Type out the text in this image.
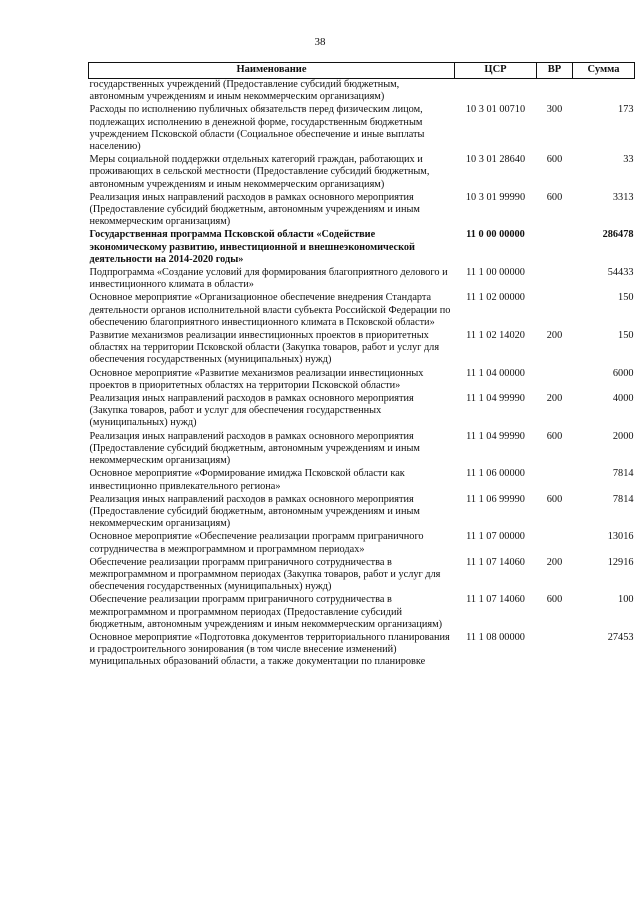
38
Наименование	ЦСР	ВР	Сумма
государственных учреждений (Предоставление субсидий бюджетным, автономным учреждениям и иным некоммерческим организациям)			
Расходы по исполнению публичных обязательств перед физическим лицом, подлежащих исполнению в денежной форме, государственным бюджетным учреждением Псковской области (Социальное обеспечение и иные выплаты населению)	10 3 01 00710	300	173
Меры социальной поддержки отдельных категорий граждан, работающих и проживающих в сельской местности (Предоставление субсидий бюджетным, автономным учреждениям и иным некоммерческим организациям)	10 3 01 28640	600	33
Реализация иных направлений расходов в рамках основного мероприятия (Предоставление субсидий бюджетным, автономным учреждениям и иным некоммерческим организациям)	10 3 01 99990	600	3313
Государственная программа Псковской области «Содействие экономическому развитию, инвестиционной и внешнеэкономической деятельности на 2014-2020 годы»	11 0 00 00000		286478
Подпрограмма «Создание условий для формирования благоприятного делового и инвестиционного климата в области»	11 1 00 00000		54433
Основное мероприятие «Организационное обеспечение внедрения Стандарта деятельности органов исполнительной власти субъекта Российской Федерации по обеспечению благоприятного инвестиционного климата в Псковской области»	11 1 02 00000		150
Развитие механизмов реализации инвестиционных проектов в приоритетных областях на территории Псковской области (Закупка товаров, работ и услуг для обеспечения государственных (муниципальных) нужд)	11 1 02 14020	200	150
Основное мероприятие «Развитие механизмов реализации инвестиционных проектов в приоритетных областях на территории Псковской области»	11 1 04 00000		6000
Реализация иных направлений расходов в рамках основного мероприятия (Закупка товаров, работ и услуг для обеспечения государственных (муниципальных) нужд)	11 1 04 99990	200	4000
Реализация иных направлений расходов в рамках основного мероприятия (Предоставление субсидий бюджетным, автономным учреждениям и иным некоммерческим организациям)	11 1 04 99990	600	2000
Основное мероприятие «Формирование имиджа Псковской области как инвестиционно привлекательного региона»	11 1 06 00000		7814
Реализация иных направлений расходов в рамках основного мероприятия (Предоставление субсидий бюджетным, автономным учреждениям и иным некоммерческим организациям)	11 1 06 99990	600	7814
Основное мероприятие «Обеспечение реализации программ приграничного сотрудничества в межпрограммном и программном периодах»	11 1 07 00000		13016
Обеспечение реализации программ приграничного сотрудничества в межпрограммном и программном периодах (Закупка товаров, работ и услуг для обеспечения государственных (муниципальных) нужд)	11 1 07 14060	200	12916
Обеспечение реализации программ приграничного сотрудничества в межпрограммном и программном периодах (Предоставление субсидий бюджетным, автономным учреждениям и иным некоммерческим организациям)	11 1 07 14060	600	100
Основное мероприятие «Подготовка документов территориального планирования и градостроительного зонирования (в том числе внесение изменений) муниципальных образований области, а также документации по планировке	11 1 08 00000		27453
